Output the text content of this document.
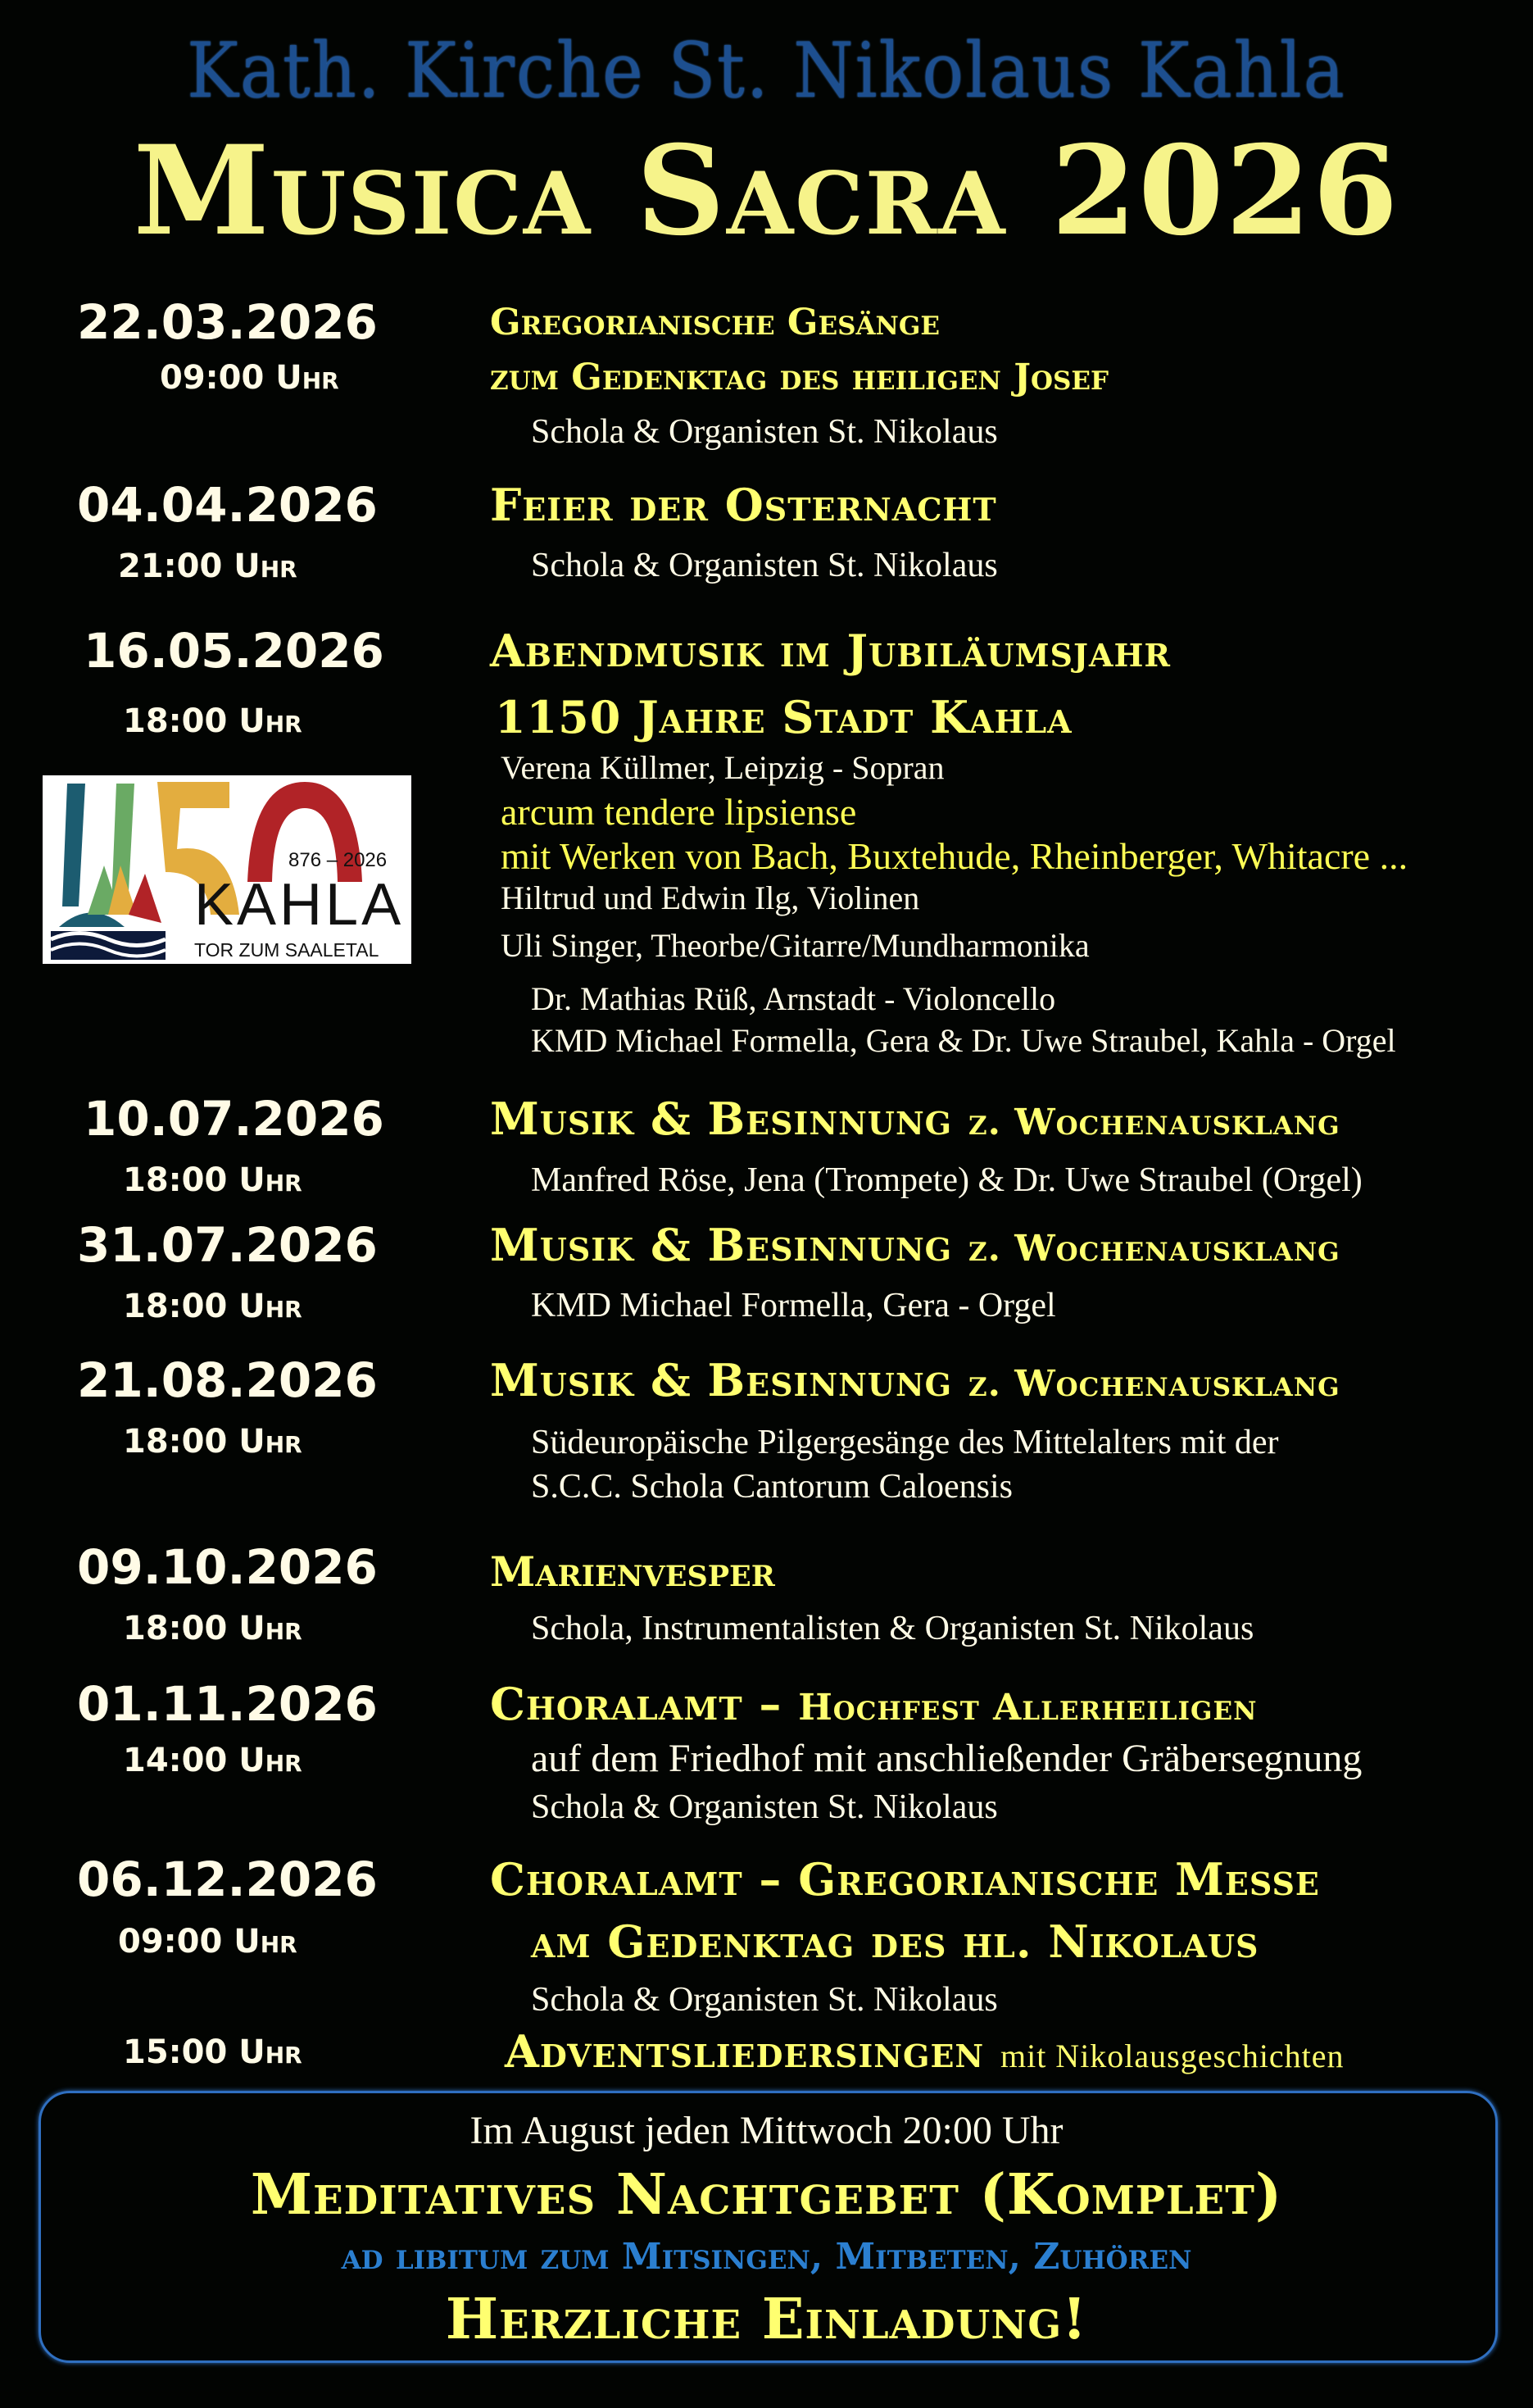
Kath. Kirche St. Nikolaus Kahla
Musica Sacra 2026
22.03.2026
09:00 Uhr
Gregorianische Gesänge
zum Gedenktag des heiligen Josef
Schola & Organisten St. Nikolaus
04.04.2026
21:00 Uhr
Feier der Osternacht
Schola & Organisten St. Nikolaus
16.05.2026
18:00 Uhr
Abendmusik im Jubiläumsjahr
1150 Jahre Stadt Kahla
Verena Küllmer, Leipzig - Sopran
arcum tendere lipsiense
mit Werken von Bach, Buxtehude, Rheinberger, Whitacre ...
Hiltrud und Edwin Ilg, Violinen
Uli Singer, Theorbe/Gitarre/Mundharmonika
Dr. Mathias Rüß, Arnstadt - Violoncello
KMD Michael Formella, Gera & Dr. Uwe Straubel, Kahla - Orgel
876 – 2026
KAHLA
TOR ZUM SAALETAL
10.07.2026
18:00 Uhr
Musik & Besinnung z. Wochenausklang
Manfred Röse, Jena (Trompete) & Dr. Uwe Straubel (Orgel)
31.07.2026
18:00 Uhr
Musik & Besinnung z. Wochenausklang
KMD Michael Formella, Gera - Orgel
21.08.2026
18:00 Uhr
Musik & Besinnung z. Wochenausklang
Südeuropäische Pilgergesänge des Mittelalters mit der
S.C.C. Schola Cantorum Caloensis
09.10.2026
18:00 Uhr
Marienvesper
Schola, Instrumentalisten & Organisten St. Nikolaus
01.11.2026
14:00 Uhr
Choralamt – Hochfest Allerheiligen
auf dem Friedhof mit anschließender Gräbersegnung
Schola & Organisten St. Nikolaus
06.12.2026
09:00 Uhr
Choralamt – Gregorianische Messe
am Gedenktag des hl. Nikolaus
Schola & Organisten St. Nikolaus
15:00 Uhr	Adventsliedersingen mit Nikolausgeschichten
Im August jeden Mittwoch 20:00 Uhr
Meditatives Nachtgebet (Komplet)
ad libitum zum Mitsingen, Mitbeten, Zuhören
Herzliche Einladung!
